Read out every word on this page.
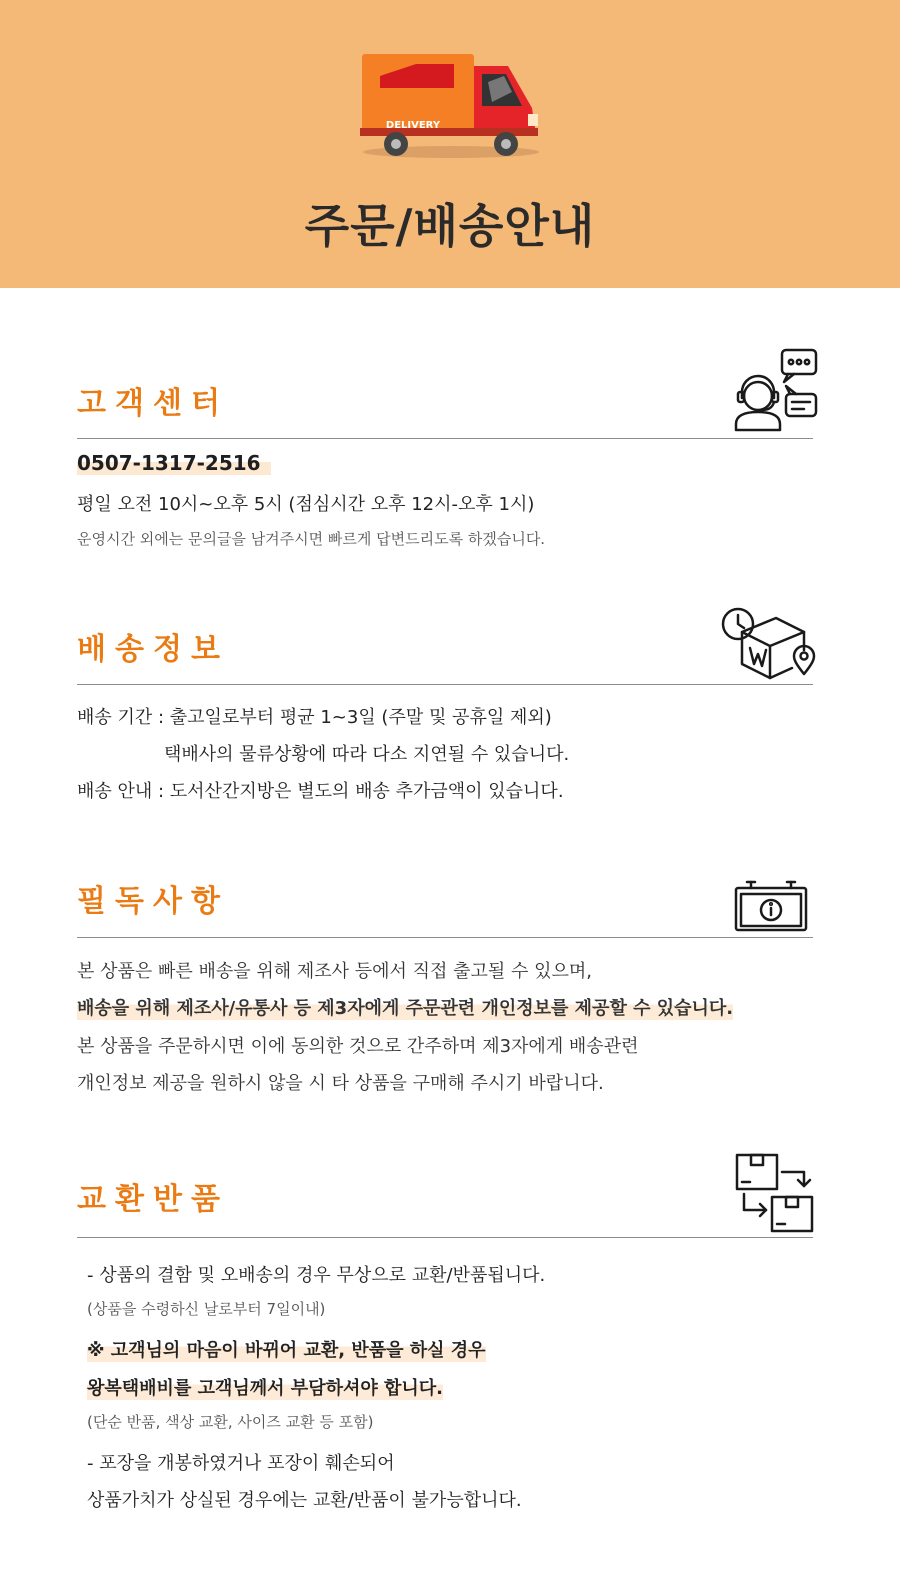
DELIVERY
주문/배송안내
고객센터
0507-1317-2516
평일 오전 10시~오후 5시 (점심시간 오후 12시-오후 1시)
운영시간 외에는 문의글을 남겨주시면 빠르게 답변드리도록 하겠습니다.
배송정보
배송 기간 : 출고일로부터 평균 1~3일 (주말 및 공휴일 제외)
택배사의 물류상황에 따라 다소 지연될 수 있습니다.
배송 안내 : 도서산간지방은 별도의 배송 추가금액이 있습니다.
필독사항
본 상품은 빠른 배송을 위해 제조사 등에서 직접 출고될 수 있으며,
배송을 위해 제조사/유통사 등 제3자에게 주문관련 개인정보를 제공할 수 있습니다.
본 상품을 주문하시면 이에 동의한 것으로 간주하며 제3자에게 배송관련
개인정보 제공을 원하시 않을 시 타 상품을 구매해 주시기 바랍니다.
교환반품
- 상품의 결함 및 오배송의 경우 무상으로 교환/반품됩니다.
(상품을 수령하신 날로부터 7일이내)
※ 고객님의 마음이 바뀌어 교환, 반품을 하실 경우
왕복택배비를 고객님께서 부담하셔야 합니다.
(단순 반품, 색상 교환, 사이즈 교환 등 포함)
- 포장을 개봉하였거나 포장이 훼손되어
상품가치가 상실된 경우에는 교환/반품이 불가능합니다.
